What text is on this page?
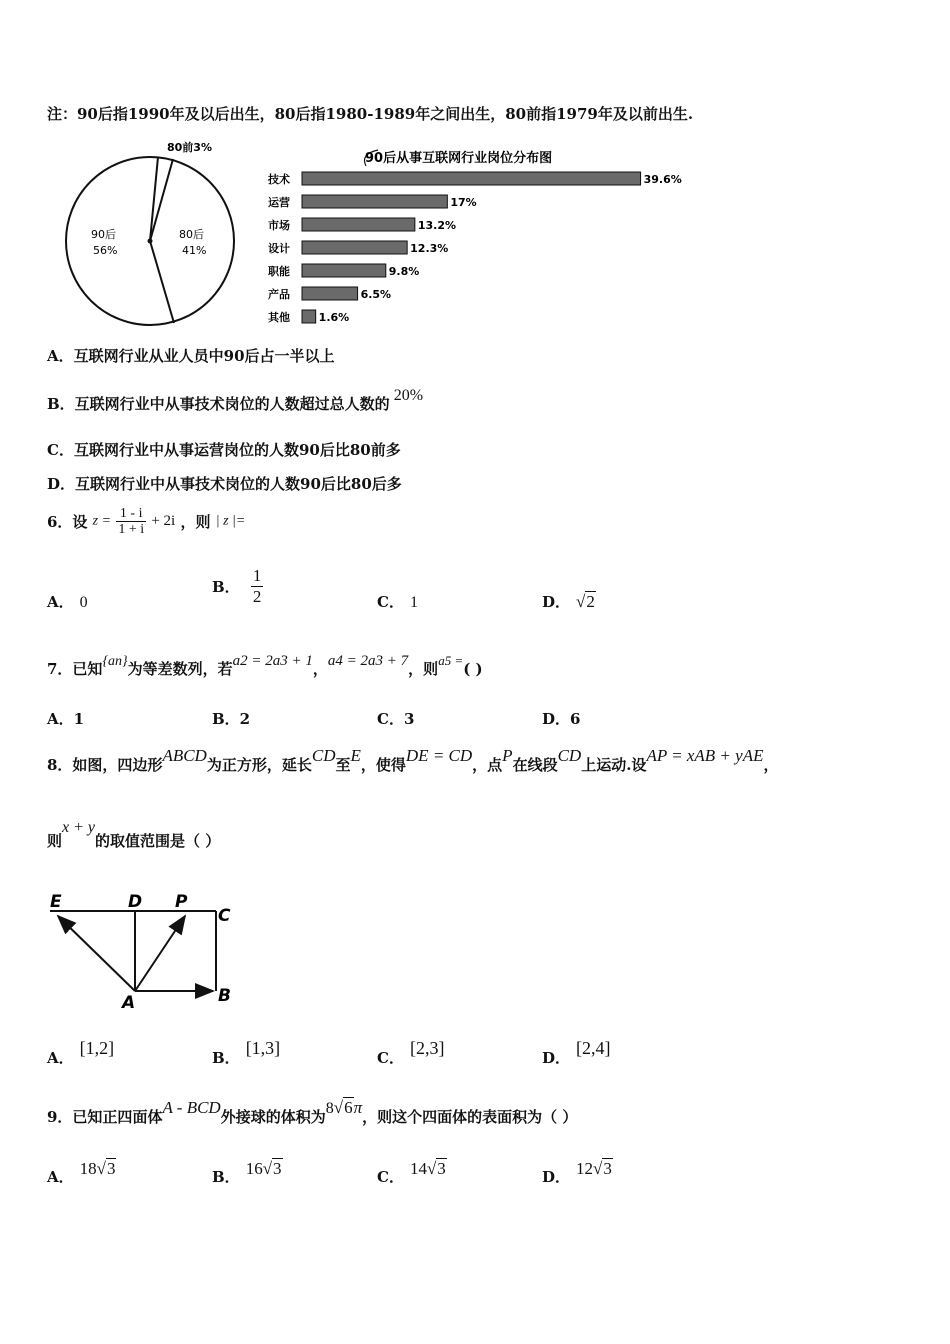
注：90后指1990年及以后出生，80后指1980-1989年之间出生，80前指1979年及以前出生.
80前3%
90后
56%
80后
41%
90后从事互联网行业岗位分布图
技术	39.6%
运营	17%
市场	13.2%
设计	12.3%
职能	9.8%
产品	6.5%
其他	1.6%
A．互联网行业从业人员中90后占一半以上
B．互联网行业中从事技术岗位的人数超过总人数的 20%
C．互联网行业中从事运营岗位的人数90后比80前多
D．互联网行业中从事技术岗位的人数90后比80后多
6．设 $z = \frac{1 - i}{1 + i} + 2i$ ，则 | z |=
A． 0
B． $\frac{1}{2}$	C． 1	D． √2
7．已知{an}为等差数列，若a2 = 2a3 + 1，a4 = 2a3 + 7，则a5 =( )
A．1	B．2	C．3	D．6
8．如图，四边形ABCD为正方形，延长CD至E，使得DE = CD，点P在线段CD上运动.设AP = xAB + yAE，
则x + y的取值范围是（ ）
E	D P
C
A	B
A． [1,2]	B． [1,3]	C． [2,3]	D． [2,4]
9．已知正四面体A - BCD外接球的体积为8√6π，则这个四面体的表面积为（ ）
A． 18√3	B． 16√3	C． 14√3	D． 12√3
